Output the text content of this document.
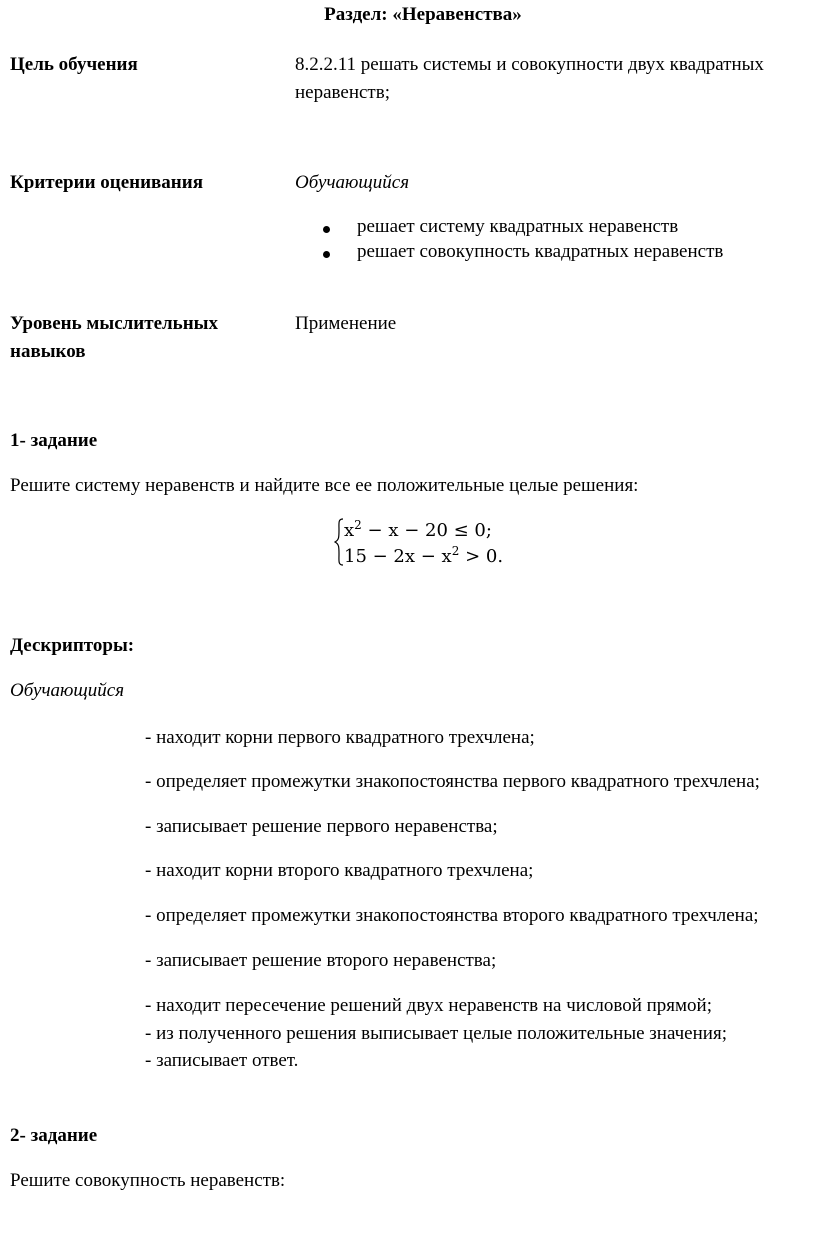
Раздел: «Неравенства»
Цель обучения	8.2.2.11 решать системы и совокупности двух квадратных
неравенств;
Критерии оценивания	Обучающийся
решает систему квадратных неравенств
решает совокупность квадратных неравенств
Уровень мыслительных
навыков
Применение
1- задание
Решите систему неравенств и найдите все ее положительные целые решения:
$x^2 - x - 20 \le 0$;
$15 - 2x - x^2 > 0$.
Дескрипторы:
Обучающийся
- находит корни первого квадратного трехчлена;
- определяет промежутки знакопостоянства первого квадратного трехчлена;
- записывает решение первого неравенства;
- находит корни второго квадратного трехчлена;
- определяет промежутки знакопостоянства второго квадратного трехчлена;
- записывает решение второго неравенства;
- находит пересечение решений двух неравенств на числовой прямой;
- из полученного решения выписывает целые положительные значения;
- записывает ответ.
2- задание
Решите совокупность неравенств:
